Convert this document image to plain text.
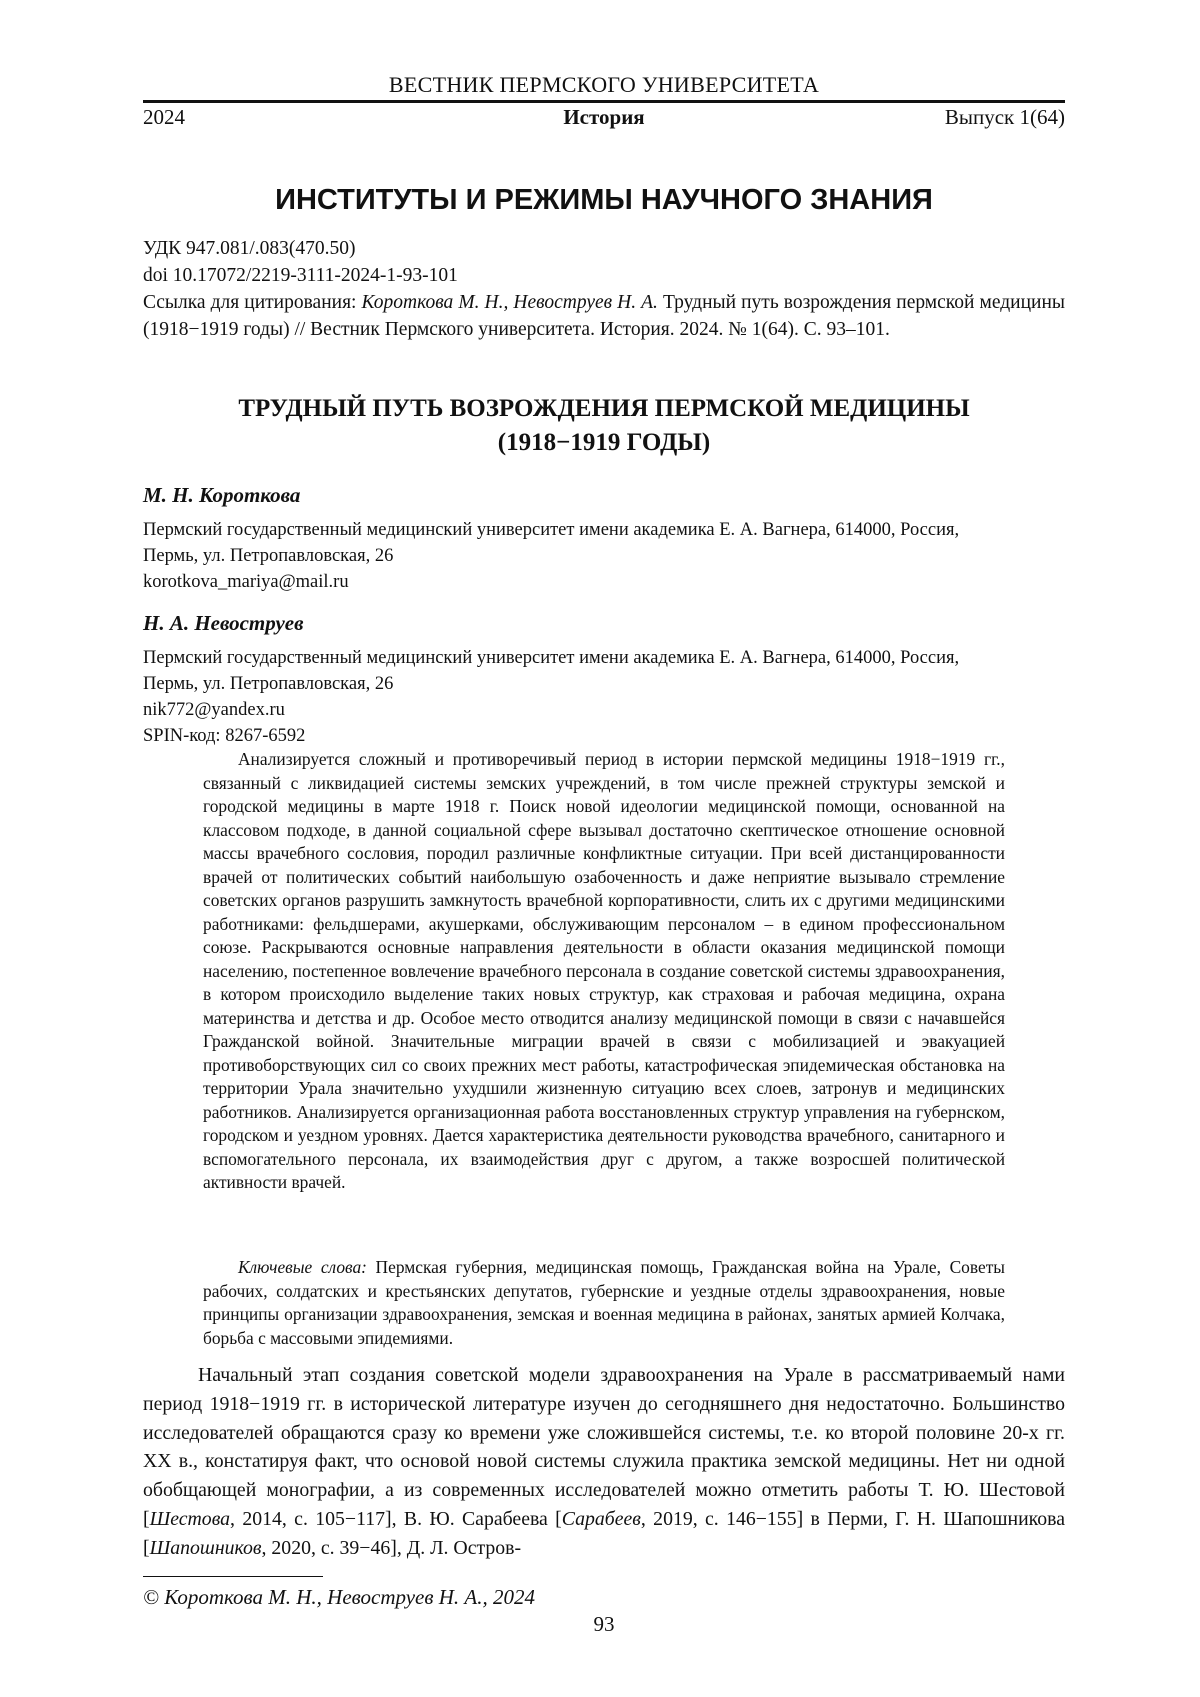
ВЕСТНИК ПЕРМСКОГО УНИВЕРСИТЕТА
2024	История	Выпуск 1(64)
ИНСТИТУТЫ И РЕЖИМЫ НАУЧНОГО ЗНАНИЯ
УДК 947.081/.083(470.50)
doi 10.17072/2219-3111-2024-1-93-101
Ссылка для цитирования: Короткова М. Н., Невоструев Н. А. Трудный путь возрождения пермской медицины (1918−1919 годы) // Вестник Пермского университета. История. 2024. № 1(64). С. 93–101.
ТРУДНЫЙ ПУТЬ ВОЗРОЖДЕНИЯ ПЕРМСКОЙ МЕДИЦИНЫ
(1918−1919 ГОДЫ)
М. Н. Короткова
Пермский государственный медицинский университет имени академика Е. А. Вагнера, 614000, Россия,
Пермь, ул. Петропавловская, 26
korotkova_mariya@mail.ru
Н. А. Невоструев
Пермский государственный медицинский университет имени академика Е. А. Вагнера, 614000, Россия,
Пермь, ул. Петропавловская, 26
nik772@yandex.ru
SPIN-код: 8267-6592

Анализируется сложный и противоречивый период в истории пермской медицины 1918−1919 гг., связанный с ликвидацией системы земских учреждений, в том числе прежней структуры земской и городской медицины в марте 1918 г. Поиск новой идеологии медицинской помощи, основанной на классовом подходе, в данной социальной сфере вызывал достаточно скептическое отношение основной массы врачебного сословия, породил различные конфликтные ситуации. При всей дистанцированности врачей от политических событий наибольшую озабоченность и даже неприятие вызывало стремление советских органов разрушить замкнутость врачебной корпоративности, слить их с другими медицинскими работниками: фельдшерами, акушерками, обслуживающим персоналом – в едином профессиональном союзе. Раскрываются основные направления деятельности в области оказания медицинской помощи населению, постепенное вовлечение врачебного персонала в создание советской системы здравоохранения, в котором происходило выделение таких новых структур, как страховая и рабочая медицина, охрана материнства и детства и др. Особое место отводится анализу медицинской помощи в связи с начавшейся Гражданской войной. Значительные миграции врачей в связи с мобилизацией и эвакуацией противоборствующих сил со своих прежних мест работы, катастрофическая эпидемическая обстановка на территории Урала значительно ухудшили жизненную ситуацию всех слоев, затронув и медицинских работников. Анализируется организационная работа восстановленных структур управления на губернском, городском и уездном уровнях. Дается характеристика деятельности руководства врачебного, санитарного и вспомогательного персонала, их взаимодействия друг с другом, а также возросшей политической активности врачей.

Ключевые слова: Пермская губерния, медицинская помощь, Гражданская война на Урале, Советы рабочих, солдатских и крестьянских депутатов, губернские и уездные отделы здравоохранения, новые принципы организации здравоохранения, земская и военная медицина в районах, занятых армией Колчака, борьба с массовыми эпидемиями.

Начальный этап создания советской модели здравоохранения на Урале в рассматриваемый нами период 1918−1919 гг. в исторической литературе изучен до сегодняшнего дня недостаточно. Большинство исследователей обращаются сразу ко времени уже сложившейся системы, т.е. ко второй половине 20-х гг. XX в., констатируя факт, что основой новой системы служила практика земской медицины. Нет ни одной обобщающей монографии, а из современных исследователей можно отметить работы Т. Ю. Шестовой [Шестова, 2014, с. 105−117], В. Ю. Сарабеева [Сарабеев, 2019, с. 146−155] в Перми, Г. Н. Шапошникова [Шапошников, 2020, с. 39−46], Д. Л. Остров-

© Короткова М. Н., Невоструев Н. А., 2024
93
